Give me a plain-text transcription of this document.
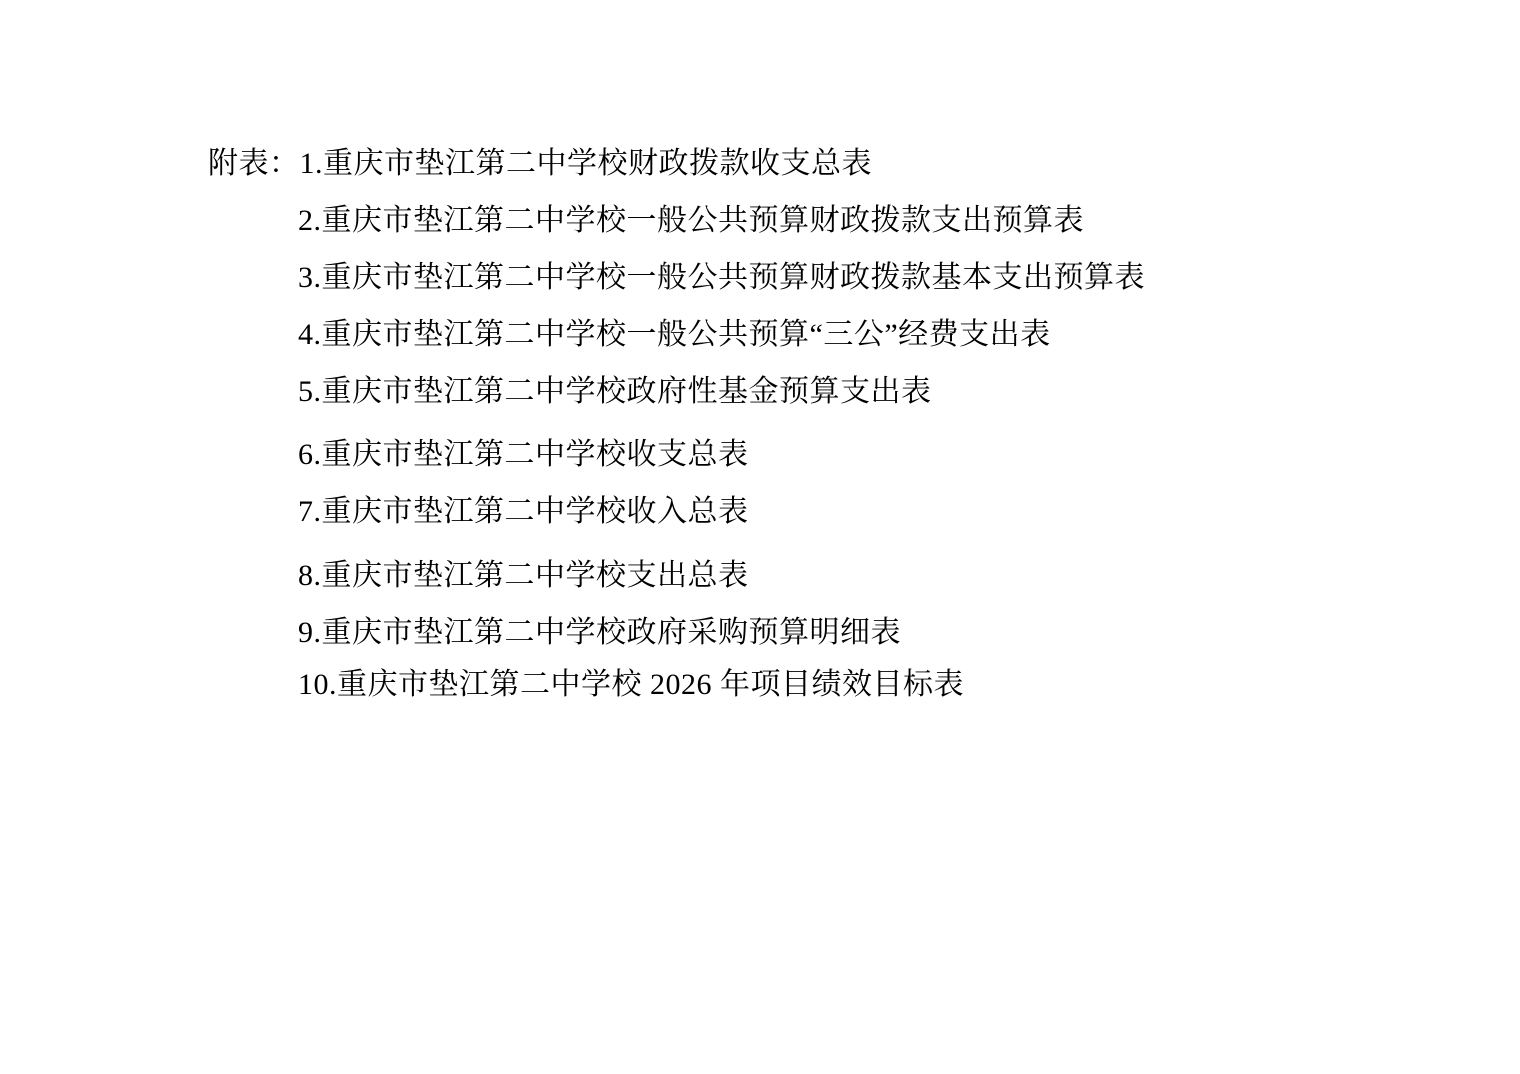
附表： 1.重庆市垫江第二中学校财政拨款收支总表
2.重庆市垫江第二中学校一般公共预算财政拨款支出预算表
3.重庆市垫江第二中学校一般公共预算财政拨款基本支出预算表
4.重庆市垫江第二中学校一般公共预算“三公”经费支出表
5.重庆市垫江第二中学校政府性基金预算支出表
6.重庆市垫江第二中学校收支总表
7.重庆市垫江第二中学校收入总表
8.重庆市垫江第二中学校支出总表
9.重庆市垫江第二中学校政府采购预算明细表
10.重庆市垫江第二中学校 2026 年项目绩效目标表
